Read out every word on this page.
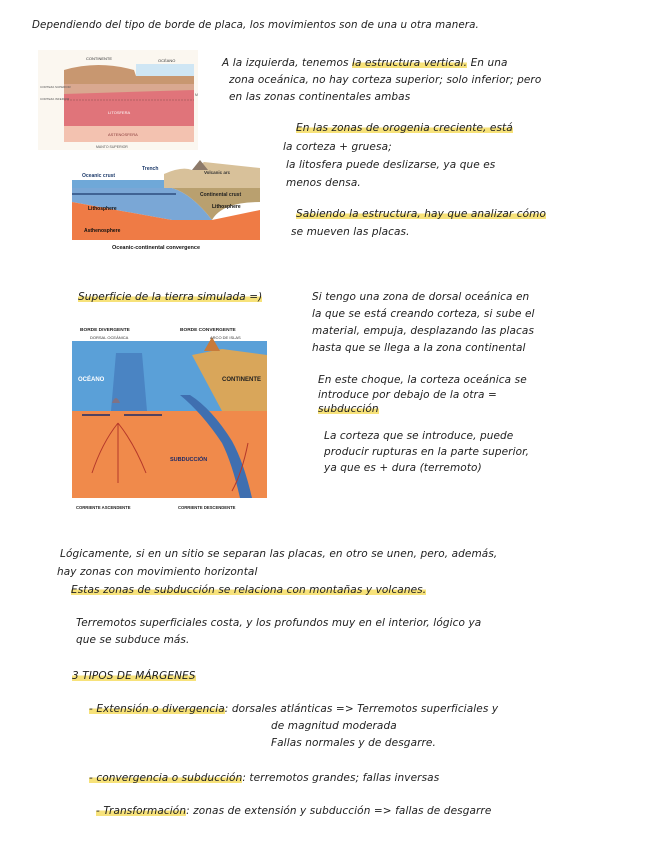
Dependiendo del tipo de borde de placa, los movimientos son de una u otra manera.
CONTINENTE	OCÉANO
CORTEZA SUPERIOR
CORTEZA INFERIOR
LITOSFERA
ASTENOSFERA
MANTO SUPERIOR
M
Oceanic crust
Trench
Volcanic arc
Continental crust
Lithosphere	Lithosphere
Asthenosphere
Oceanic-continental convergence
A la izquierda, tenemos la estructura vertical. En una
zona oceánica, no hay corteza superior; solo inferior; pero
en las zonas continentales ambas
En las zonas de orogenia creciente, está
la corteza + gruesa;
la litosfera puede deslizarse, ya que es
menos densa.
Sabiendo la estructura, hay que analizar cómo
se mueven las placas.
Superficie de la tierra simulada =)	Si tengo una zona de dorsal oceánica en
la que se está creando corteza, si sube el
material, empuja, desplazando las placas
hasta que se llega a la zona continental
En este choque, la corteza oceánica se
introduce por debajo de la otra =
subducción
La corteza que se introduce, puede
producir rupturas en la parte superior,
ya que es + dura (terremoto)
BORDE DIVERGENTE	BORDE CONVERGENTE
DORSAL OCEÁNICA	ARCO DE ISLAS
OCÉANO	CONTINENTE
SUBDUCCIÓN
CORRIENTE ASCENDENTE	CORRIENTE DESCENDENTE
Lógicamente, si en un sitio se separan las placas, en otro se unen, pero, además,
hay zonas con movimiento horizontal
Estas zonas de subducción se relaciona con montañas y volcanes.
Terremotos superficiales costa, y los profundos muy en el interior, lógico ya
que se subduce más.
3 TIPOS DE MÁRGENES
- Extensión o divergencia: dorsales atlánticas => Terremotos superficiales y
de magnitud moderada
Fallas normales y de desgarre.
- convergencia o subducción: terremotos grandes; fallas inversas
- Transformación: zonas de extensión y subducción => fallas de desgarre
